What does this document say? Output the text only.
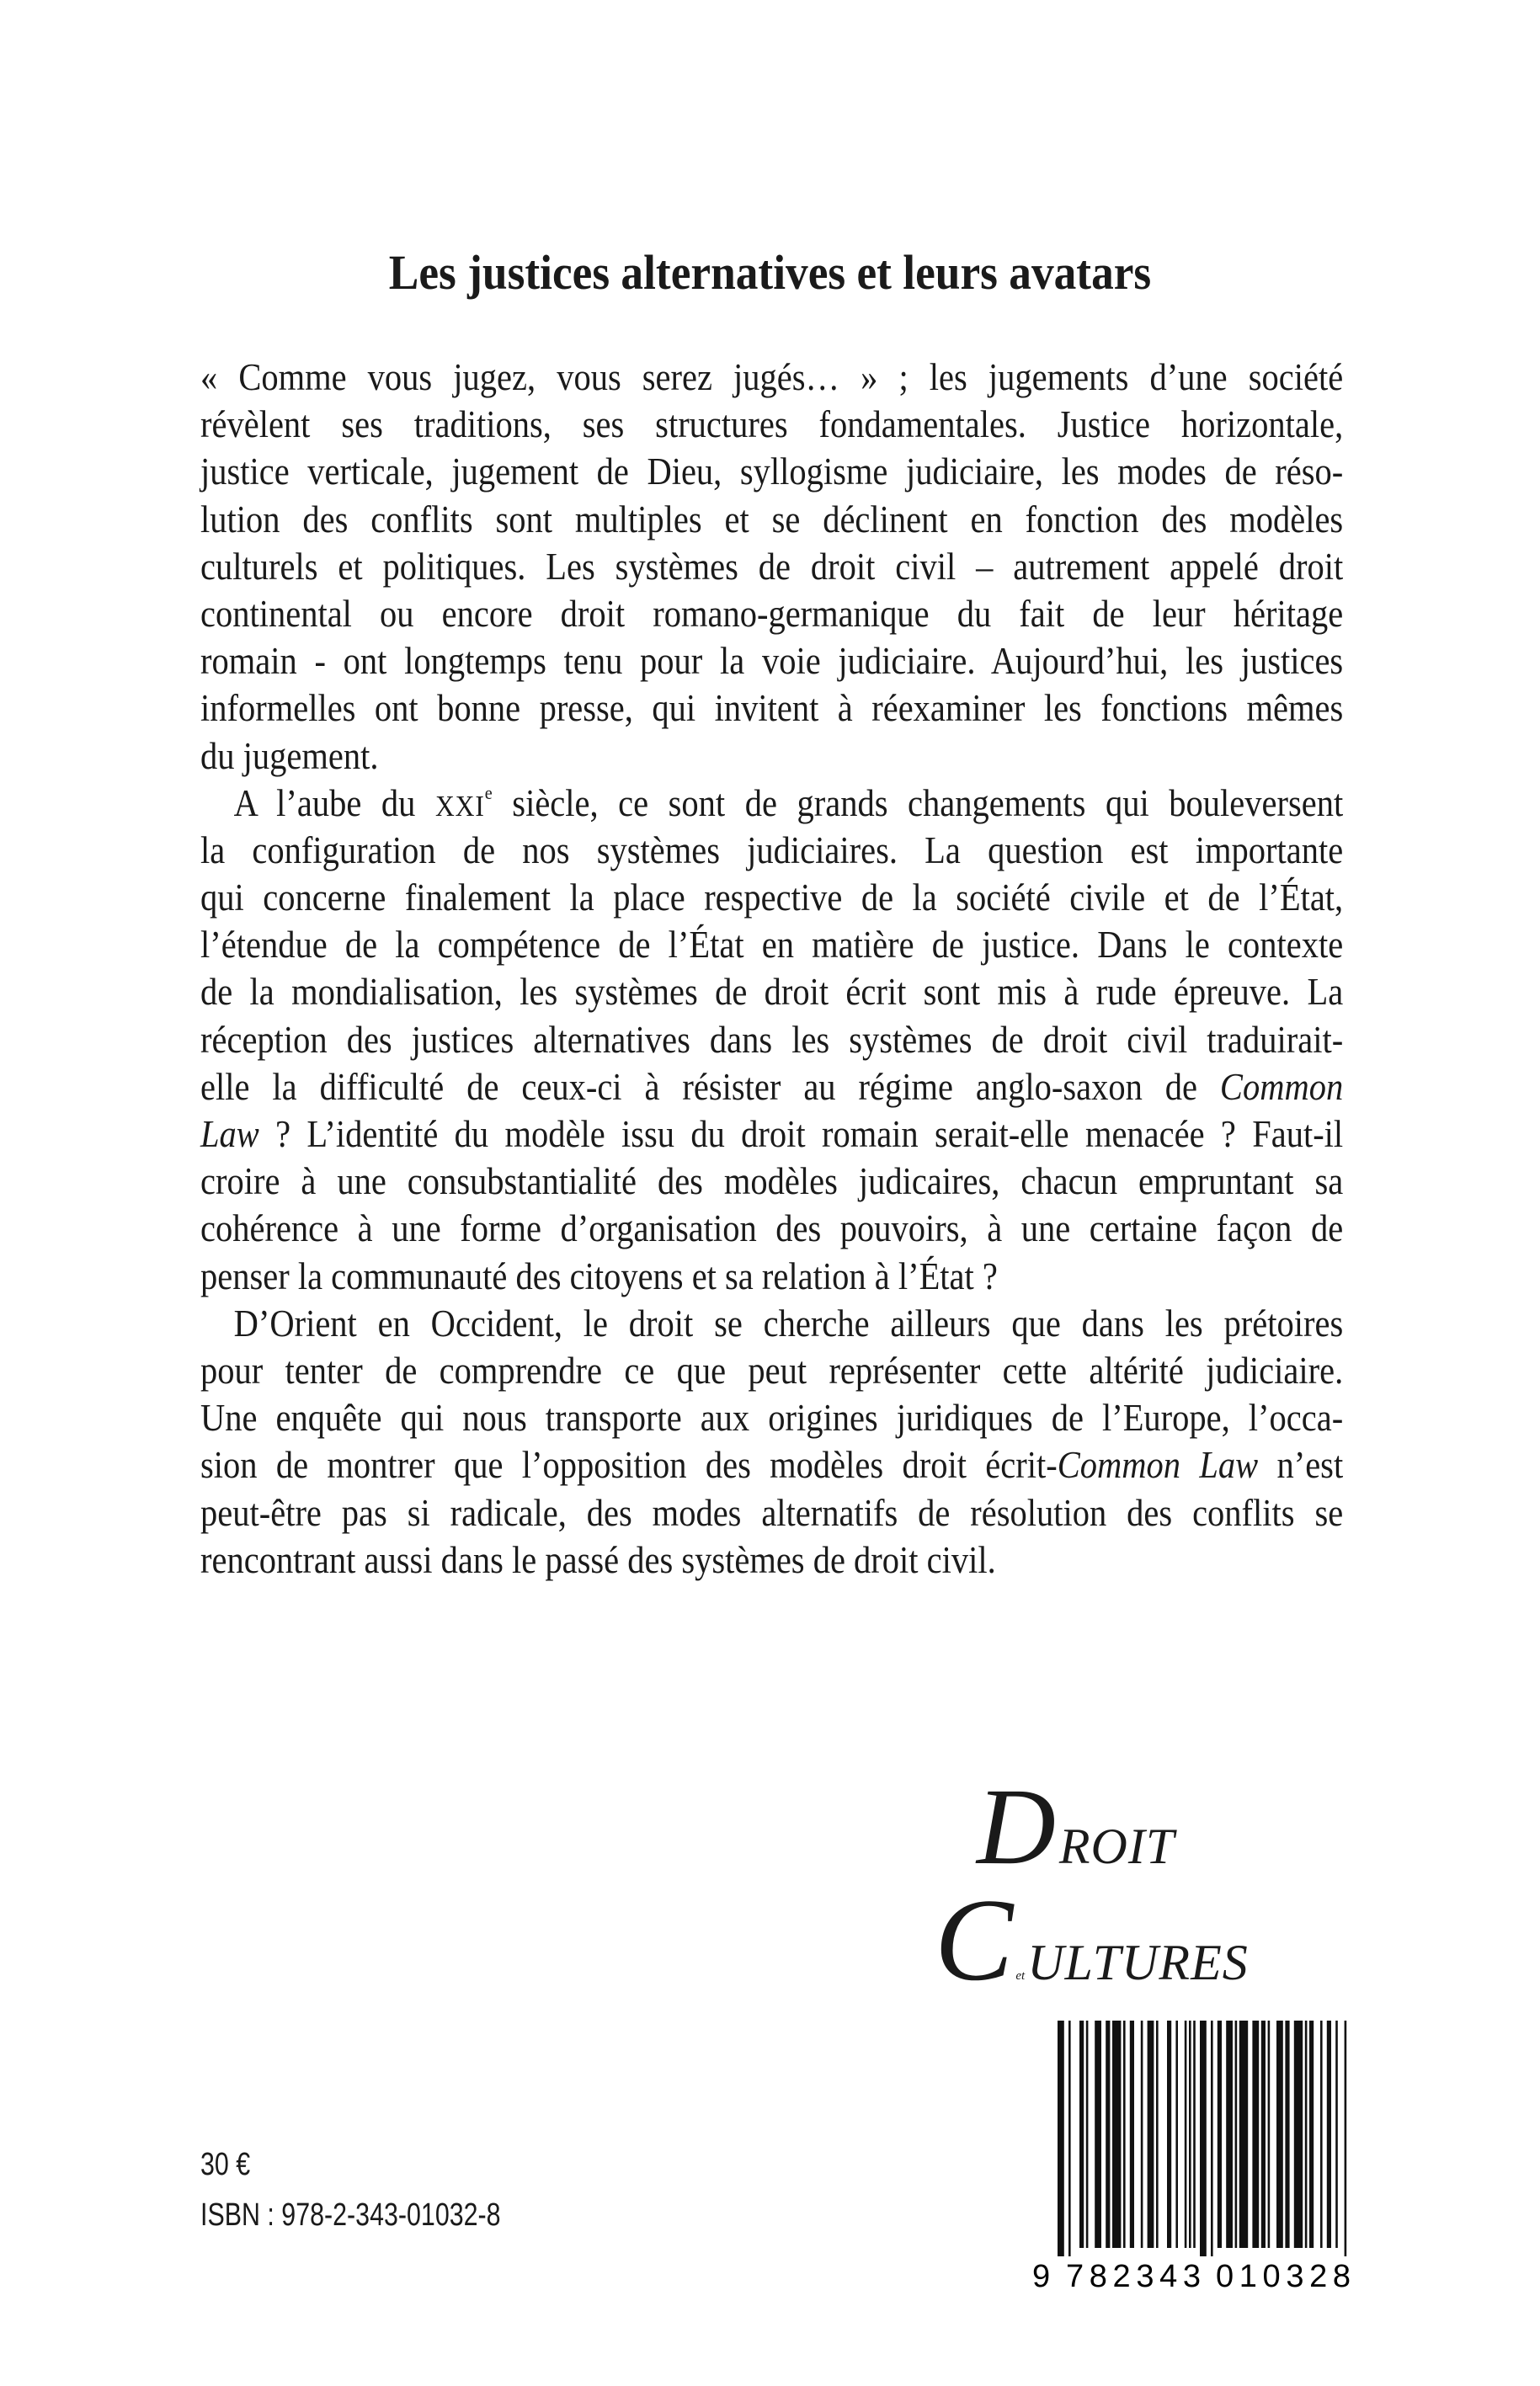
Les justices alternatives et leurs avatars
« Comme vous jugez, vous serez jugés… » ; les jugements d’une société
révèlent ses traditions, ses structures fondamentales. Justice horizontale,
justice verticale, jugement de Dieu, syllogisme judiciaire, les modes de réso-
lution des conflits sont multiples et se déclinent en fonction des modèles
culturels et politiques. Les systèmes de droit civil – autrement appelé droit
continental ou encore droit romano-germanique du fait de leur héritage
romain - ont longtemps tenu pour la voie judiciaire. Aujourd’hui, les justices
informelles ont bonne presse, qui invitent à réexaminer les fonctions mêmes
du jugement.
A l’aube du XXIe siècle, ce sont de grands changements qui bouleversent
la configuration de nos systèmes judiciaires. La question est importante
qui concerne finalement la place respective de la société civile et de l’État,
l’étendue de la compétence de l’État en matière de justice. Dans le contexte
de la mondialisation, les systèmes de droit écrit sont mis à rude épreuve. La
réception des justices alternatives dans les systèmes de droit civil traduirait-
elle la difficulté de ceux-ci à résister au régime anglo-saxon de Common
Law ? L’identité du modèle issu du droit romain serait-elle menacée ? Faut-il
croire à une consubstantialité des modèles judicaires, chacun empruntant sa
cohérence à une forme d’organisation des pouvoirs, à une certaine façon de
penser la communauté des citoyens et sa relation à l’État ?
D’Orient en Occident, le droit se cherche ailleurs que dans les prétoires
pour tenter de comprendre ce que peut représenter cette altérité judiciaire.
Une enquête qui nous transporte aux origines juridiques de l’Europe, l’occa-
sion de montrer que l’opposition des modèles droit écrit-Common Law n’est
peut-être pas si radicale, des modes alternatifs de résolution des conflits se
rencontrant aussi dans le passé des systèmes de droit civil.
D ROIT
C et ULTURES
30 €
ISBN : 978-2-343-01032-8
9 782343 010328
